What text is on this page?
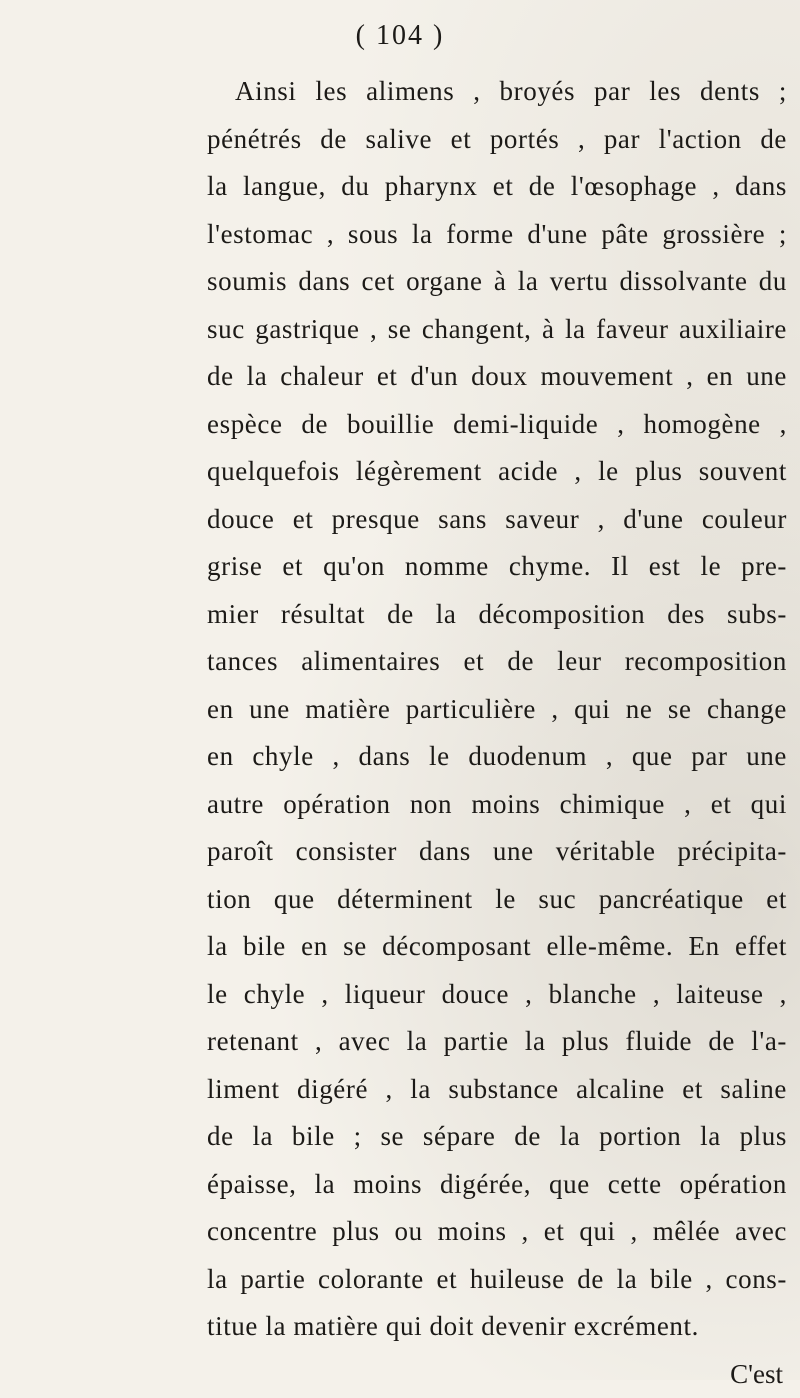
( 104 )
Ainsi les alimens , broyés par les dents ;
pénétrés de salive et portés , par l'action de
la langue, du pharynx et de l'œsophage , dans
l'estomac , sous la forme d'une pâte grossière ;
soumis dans cet organe à la vertu dissolvante du
suc gastrique , se changent, à la faveur auxiliaire
de la chaleur et d'un doux mouvement , en une
espèce de bouillie demi-liquide , homogène ,
quelquefois légèrement acide , le plus souvent
douce et presque sans saveur , d'une couleur
grise et qu'on nomme chyme. Il est le pre-
mier résultat de la décomposition des subs-
tances alimentaires et de leur recomposition
en une matière particulière , qui ne se change
en chyle , dans le duodenum , que par une
autre opération non moins chimique , et qui
paroît consister dans une véritable précipita-
tion que déterminent le suc pancréatique et
la bile en se décomposant elle-même. En effet
le chyle , liqueur douce , blanche , laiteuse ,
retenant , avec la partie la plus fluide de l'a-
liment digéré , la substance alcaline et saline
de la bile ; se sépare de la portion la plus
épaisse, la moins digérée, que cette opération
concentre plus ou moins , et qui , mêlée avec
la partie colorante et huileuse de la bile , cons-
titue la matière qui doit devenir excrément.
C'est
